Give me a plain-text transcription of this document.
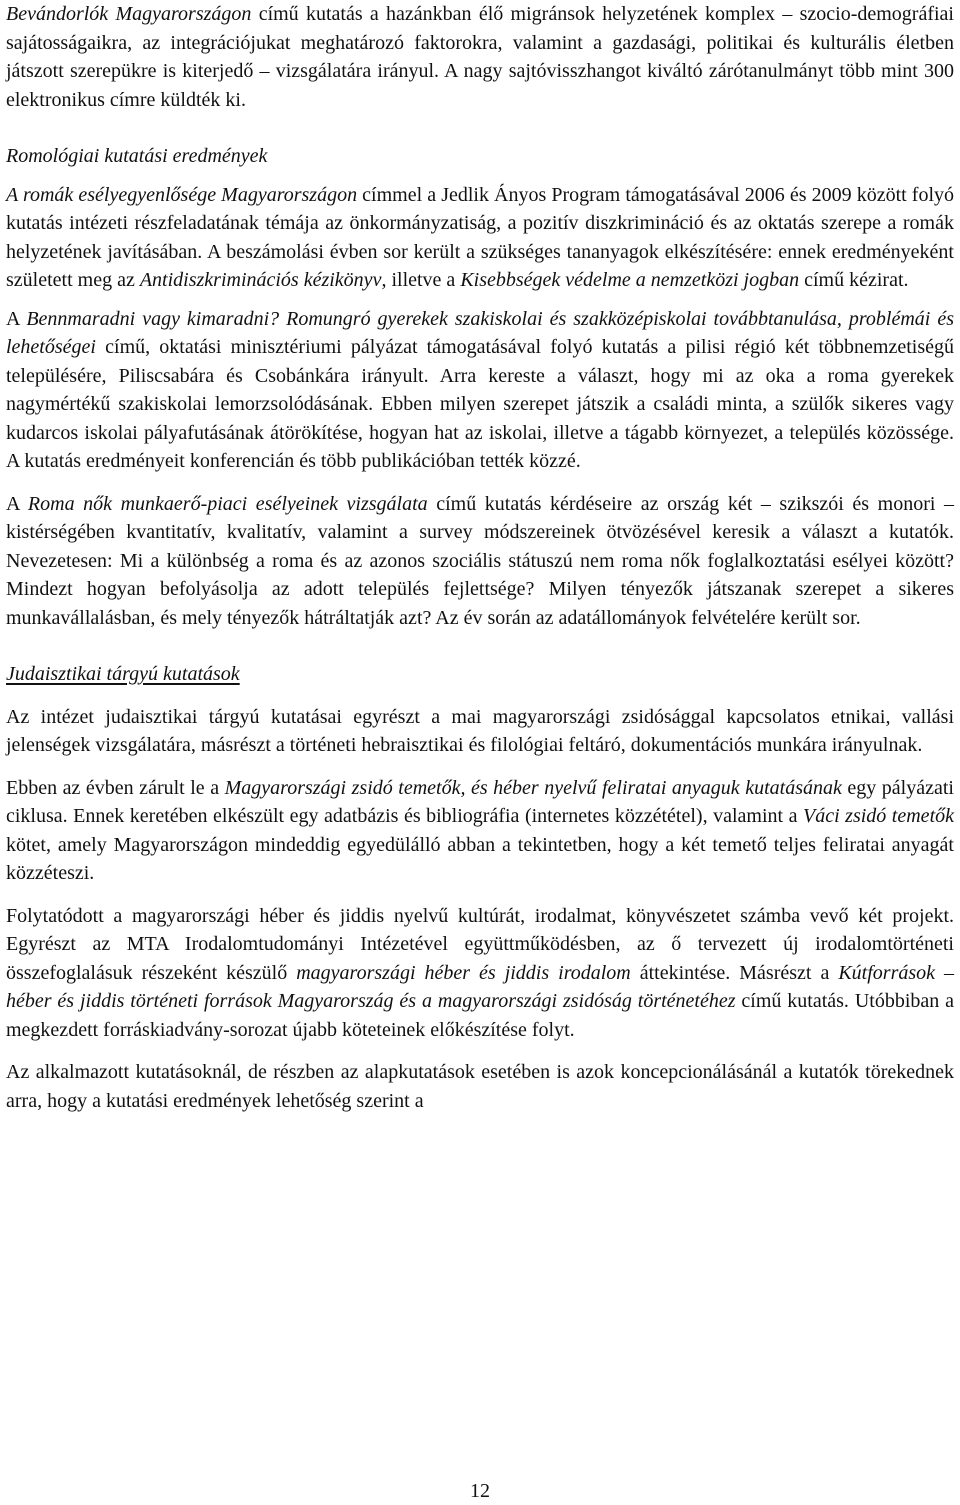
Bevándorlók Magyarországon című kutatás a hazánkban élő migránsok helyzetének komplex – szocio-demográfiai sajátosságaikra, az integrációjukat meghatározó faktorokra, valamint a gazdasági, politikai és kulturális életben játszott szerepükre is kiterjedő – vizsgálatára irányul. A nagy sajtóvisszhangot kiváltó zárótanulmányt több mint 300 elektronikus címre küldték ki.

Romológiai kutatási eredmények

A romák esélyegyenlősége Magyarországon címmel a Jedlik Ányos Program támogatásával 2006 és 2009 között folyó kutatás intézeti részfeladatának témája az önkormányzatiság, a pozitív diszkrimináció és az oktatás szerepe a romák helyzetének javításában. A beszámolási évben sor került a szükséges tananyagok elkészítésére: ennek eredményeként született meg az Antidiszkriminációs kézikönyv, illetve a Kisebbségek védelme a nemzetközi jogban című kézirat.

A Bennmaradni vagy kimaradni? Romungró gyerekek szakiskolai és szakközépiskolai továbbtanulása, problémái és lehetőségei című, oktatási minisztériumi pályázat támogatásával folyó kutatás a pilisi régió két többnemzetiségű településére, Piliscsabára és Csobánkára irányult. Arra kereste a választ, hogy mi az oka a roma gyerekek nagymértékű szakiskolai lemorzsolódásának. Ebben milyen szerepet játszik a családi minta, a szülők sikeres vagy kudarcos iskolai pályafutásának átörökítése, hogyan hat az iskolai, illetve a tágabb környezet, a település közössége. A kutatás eredményeit konferencián és több publikációban tették közzé.

A Roma nők munkaerő-piaci esélyeinek vizsgálata című kutatás kérdéseire az ország két – szikszói és monori – kistérségében kvantitatív, kvalitatív, valamint a survey módszereinek ötvözésével keresik a választ a kutatók. Nevezetesen: Mi a különbség a roma és az azonos szociális státuszú nem roma nők foglalkoztatási esélyei között? Mindezt hogyan befolyásolja az adott település fejlettsége? Milyen tényezők játszanak szerepet a sikeres munkavállalásban, és mely tényezők hátráltatják azt? Az év során az adatállományok felvételére került sor.

Judaisztikai tárgyú kutatások

Az intézet judaisztikai tárgyú kutatásai egyrészt a mai magyarországi zsidósággal kapcsolatos etnikai, vallási jelenségek vizsgálatára, másrészt a történeti hebraisztikai és filológiai feltáró, dokumentációs munkára irányulnak.

Ebben az évben zárult le a Magyarországi zsidó temetők, és héber nyelvű feliratai anyaguk kutatásának egy pályázati ciklusa. Ennek keretében elkészült egy adatbázis és bibliográfia (internetes közzététel), valamint a Váci zsidó temetők kötet, amely Magyarországon mindeddig egyedülálló abban a tekintetben, hogy a két temető teljes feliratai anyagát közzéteszi.

Folytatódott a magyarországi héber és jiddis nyelvű kultúrát, irodalmat, könyvészetet számba vevő két projekt. Egyrészt az MTA Irodalomtudományi Intézetével együttműködésben, az ő tervezett új irodalomtörténeti összefoglalásuk részeként készülő magyarországi héber és jiddis irodalom áttekintése. Másrészt a Kútforrások – héber és jiddis történeti források Magyarország és a magyarországi zsidóság történetéhez című kutatás. Utóbbiban a megkezdett forráskiadvány-sorozat újabb köteteinek előkészítése folyt.

Az alkalmazott kutatásoknál, de részben az alapkutatások esetében is azok koncepcionálásánál a kutatók törekednek arra, hogy a kutatási eredmények lehetőség szerint a

12
